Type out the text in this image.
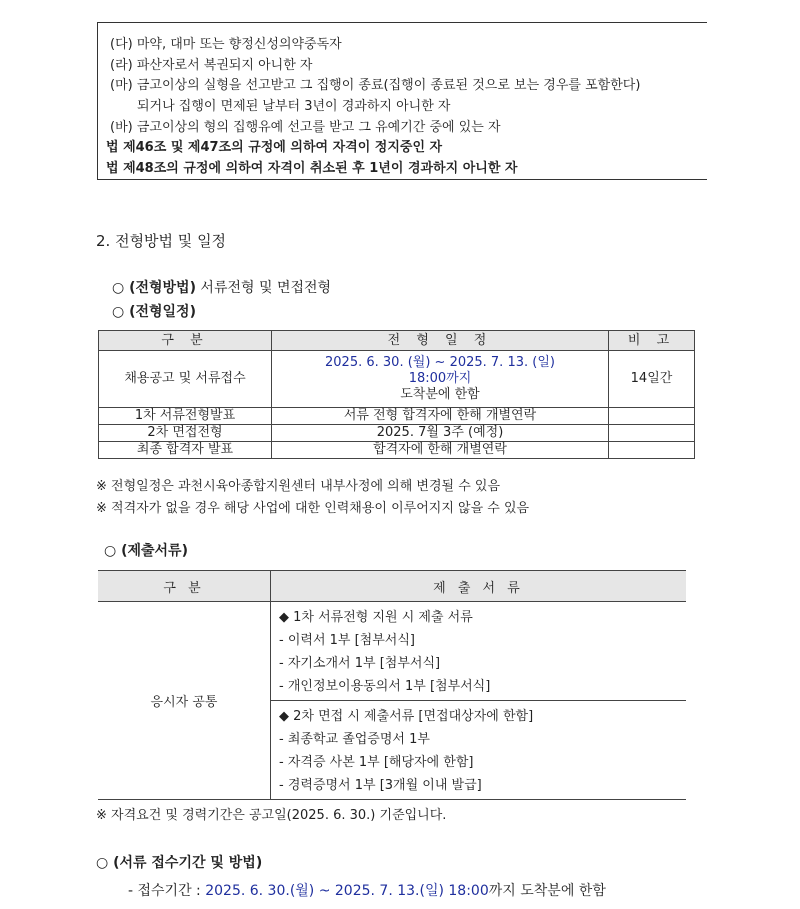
(다) 마약, 대마 또는 향정신성의약중독자
(라) 파산자로서 복권되지 아니한 자
(마) 금고이상의 실형을 선고받고 그 집행이 종료(집행이 종료된 것으로 보는 경우를 포함한다)
되거나 집행이 면제된 날부터 3년이 경과하지 아니한 자
(바) 금고이상의 형의 집행유예 선고를 받고 그 유예기간 중에 있는 자
법 제46조 및 제47조의 규정에 의하여 자격이 정지중인 자
법 제48조의 규정에 의하여 자격이 취소된 후 1년이 경과하지 아니한 자
2. 전형방법 및 일정
○ (전형방법) 서류전형 및 면접전형
○ (전형일정)
구 분	전 형 일 정	비 고
채용공고 및 서류접수	2025. 6. 30. (월) ~ 2025. 7. 13. (일)
18:00까지
도착분에 한함	14일간
1차 서류전형발표	서류 전형 합격자에 한해 개별연락	
2차 면접전형	2025. 7월 3주 (예정)	
최종 합격자 발표	합격자에 한해 개별연락	
※ 전형일정은 과천시육아종합지원센터 내부사정에 의해 변경될 수 있음
※ 적격자가 없을 경우 해당 사업에 대한 인력채용이 이루어지지 않을 수 있음
○ (제출서류)
구 분	제 출 서 류
응시자 공통	◆ 1차 서류전형 지원 시 제출 서류
- 이력서 1부 [첨부서식]
- 자기소개서 1부 [첨부서식]
- 개인정보이용동의서 1부 [첨부서식]

	◆ 2차 면접 시 제출서류 [면접대상자에 한함]
- 최종학교 졸업증명서 1부
- 자격증 사본 1부 [해당자에 한함]
- 경력증명서 1부 [3개월 이내 발급]
※ 자격요건 및 경력기간은 공고일(2025. 6. 30.) 기준입니다.
○ (서류 접수기간 및 방법)
- 접수기간 : 2025. 6. 30.(월) ~ 2025. 7. 13.(일) 18:00까지 도착분에 한함
